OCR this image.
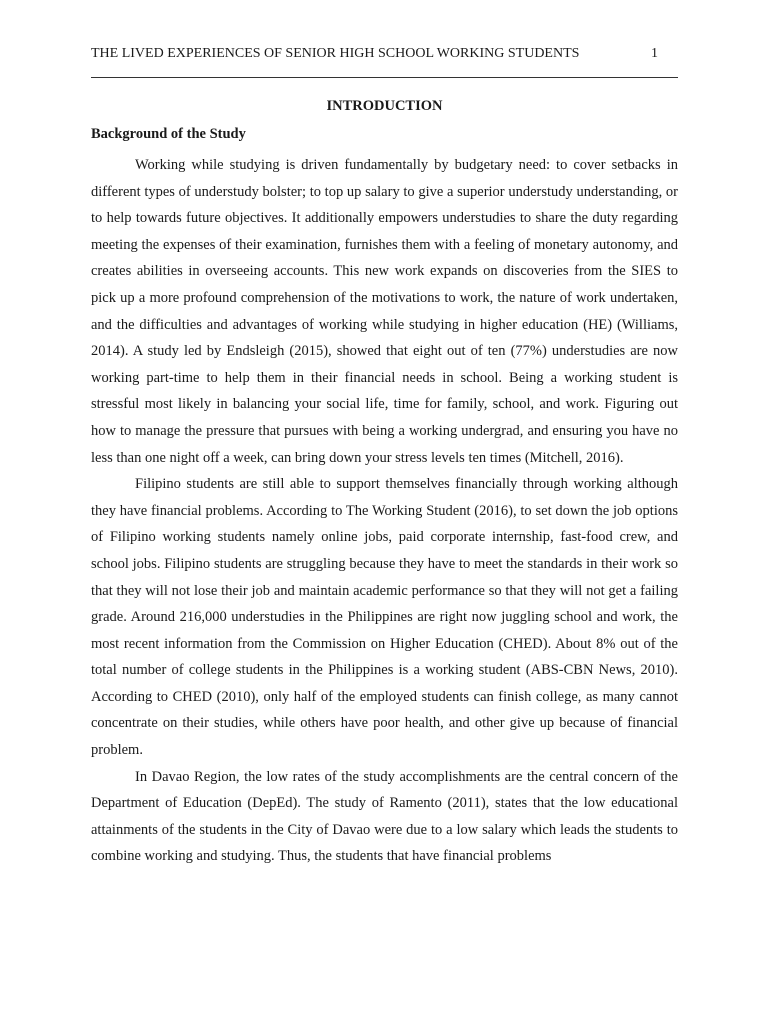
THE LIVED EXPERIENCES OF SENIOR HIGH SCHOOL WORKING STUDENTS	1
INTRODUCTION
Background of the Study

Working while studying is driven fundamentally by budgetary need: to cover setbacks in different types of understudy bolster; to top up salary to give a superior understudy understanding, or to help towards future objectives. It additionally empowers understudies to share the duty regarding meeting the expenses of their examination, furnishes them with a feeling of monetary autonomy, and creates abilities in overseeing accounts. This new work expands on discoveries from the SIES to pick up a more profound comprehension of the motivations to work, the nature of work undertaken, and the difficulties and advantages of working while studying in higher education (HE) (Williams, 2014). A study led by Endsleigh (2015), showed that eight out of ten (77%) understudies are now working part-time to help them in their financial needs in school. Being a working student is stressful most likely in balancing your social life, time for family, school, and work. Figuring out how to manage the pressure that pursues with being a working undergrad, and ensuring you have no less than one night off a week, can bring down your stress levels ten times (Mitchell, 2016).

Filipino students are still able to support themselves financially through working although they have financial problems. According to The Working Student (2016), to set down the job options of Filipino working students namely online jobs, paid corporate internship, fast-food crew, and school jobs. Filipino students are struggling because they have to meet the standards in their work so that they will not lose their job and maintain academic performance so that they will not get a failing grade. Around 216,000 understudies in the Philippines are right now juggling school and work, the most recent information from the Commission on Higher Education (CHED). About 8% out of the total number of college students in the Philippines is a working student (ABS-CBN News, 2010). According to CHED (2010), only half of the employed students can finish college, as many cannot concentrate on their studies, while others have poor health, and other give up because of financial problem.

In Davao Region, the low rates of the study accomplishments are the central concern of the Department of Education (DepEd). The study of Ramento (2011), states that the low educational attainments of the students in the City of Davao were due to a low salary which leads the students to combine working and studying. Thus, the students that have financial problems
